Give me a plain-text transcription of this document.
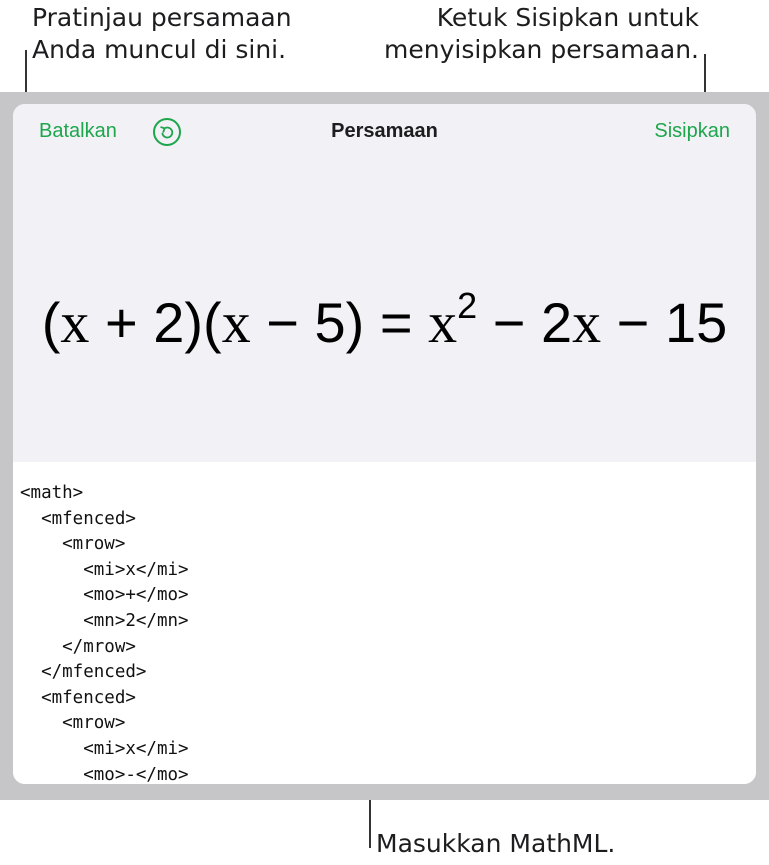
Pratinjau persamaan
Anda muncul di sini.
Ketuk Sisipkan untuk
menyisipkan persamaan.
Masukkan MathML.
Batalkan	Persamaan	Sisipkan
$(x + 2)(x - 5) = x^2 - 2x - 15$
<math>
<mfenced>
<mrow>
<mi>x</mi>
<mo>+</mo>
<mn>2</mn>
</mrow>
</mfenced>
<mfenced>
<mrow>
<mi>x</mi>
<mo>-</mo>
